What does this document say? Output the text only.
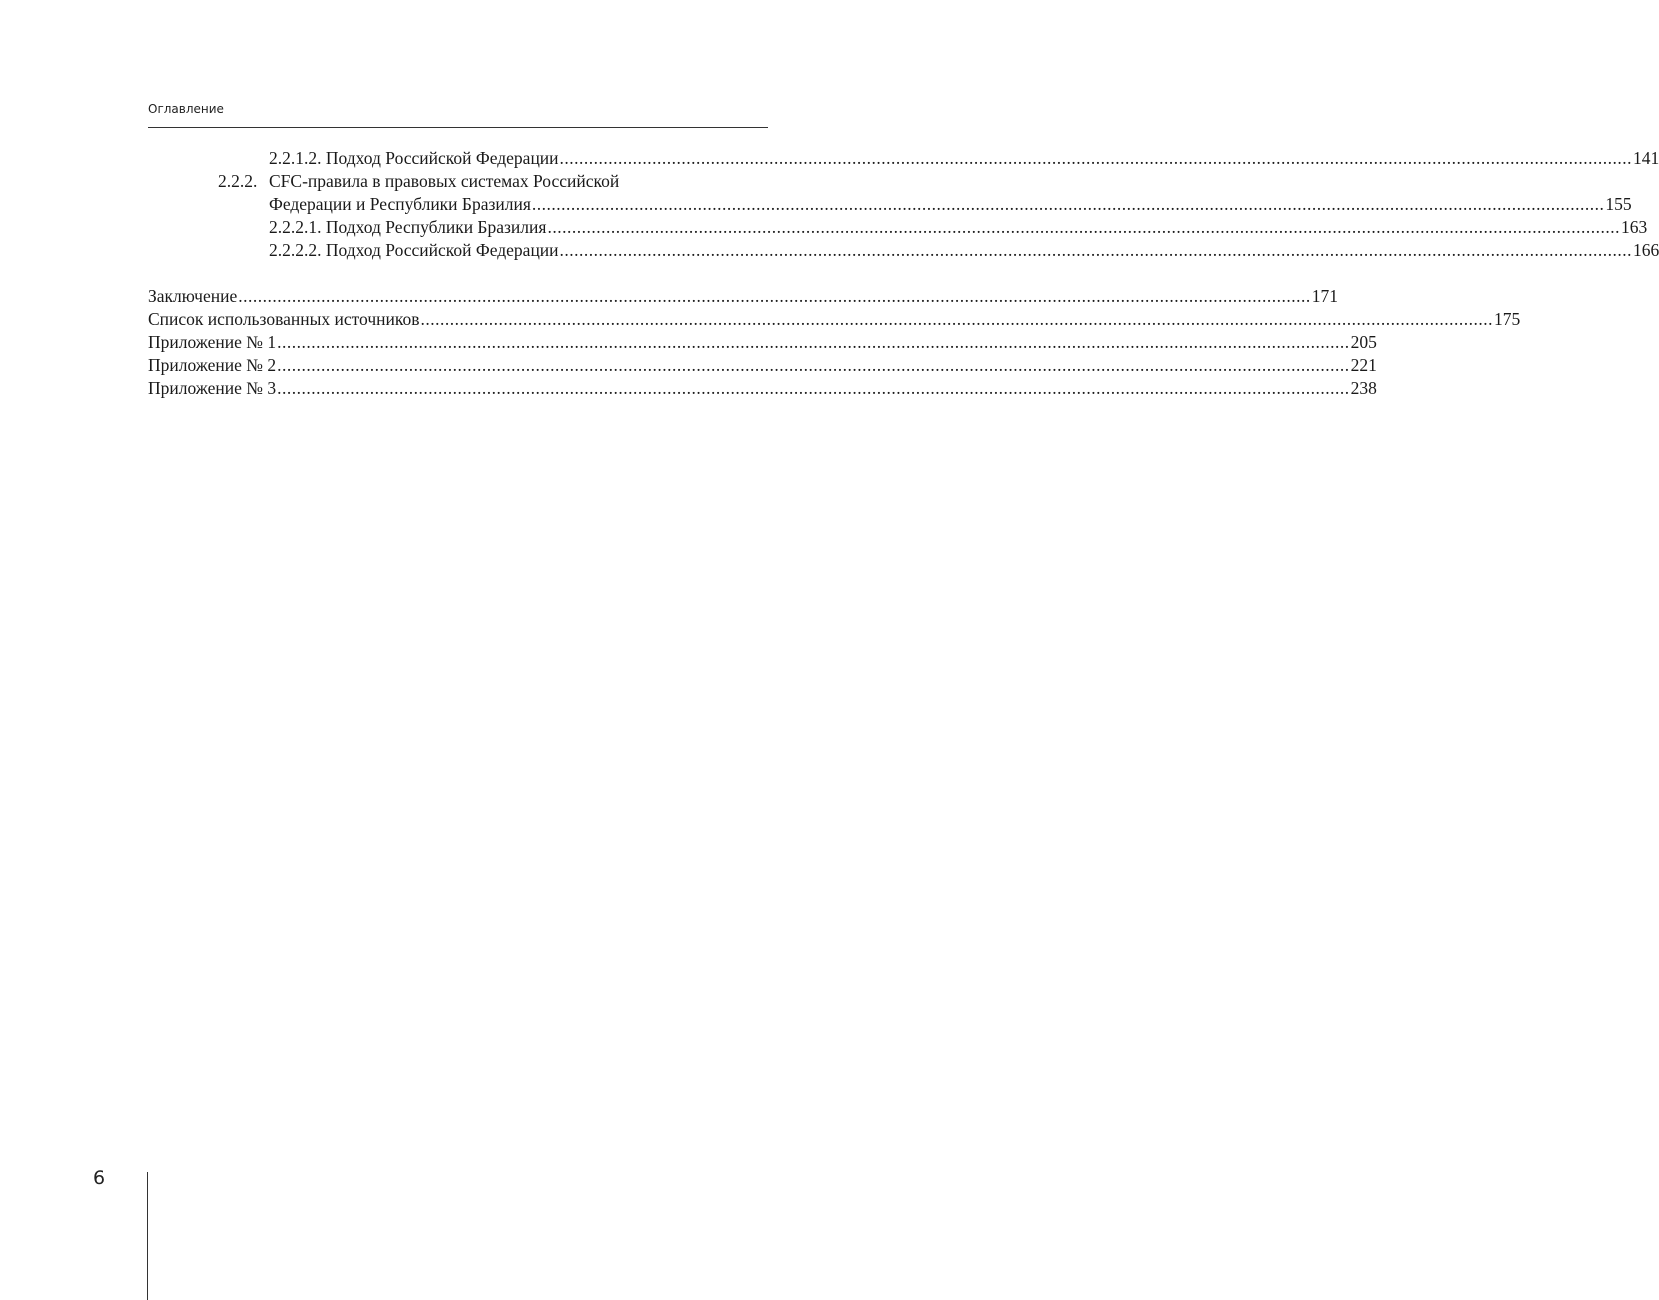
Оглавление
2.2.1.2. Подход Российской Федерации ............................................................................................................................................................................................................................ 141
2.2.2. CFC-правила в правовых системах Российской
Федерации и Республики Бразилия ............................................................................................................................................................................................................................ 155
2.2.2.1. Подход Республики Бразилия ............................................................................................................................................................................................................................ 163
2.2.2.2. Подход Российской Федерации ............................................................................................................................................................................................................................ 166
Заключение ............................................................................................................................................................................................................................ 171
Список использованных источников ............................................................................................................................................................................................................................ 175
Приложение № 1 ............................................................................................................................................................................................................................ 205
Приложение № 2 ............................................................................................................................................................................................................................ 221
Приложение № 3 ............................................................................................................................................................................................................................ 238
6
